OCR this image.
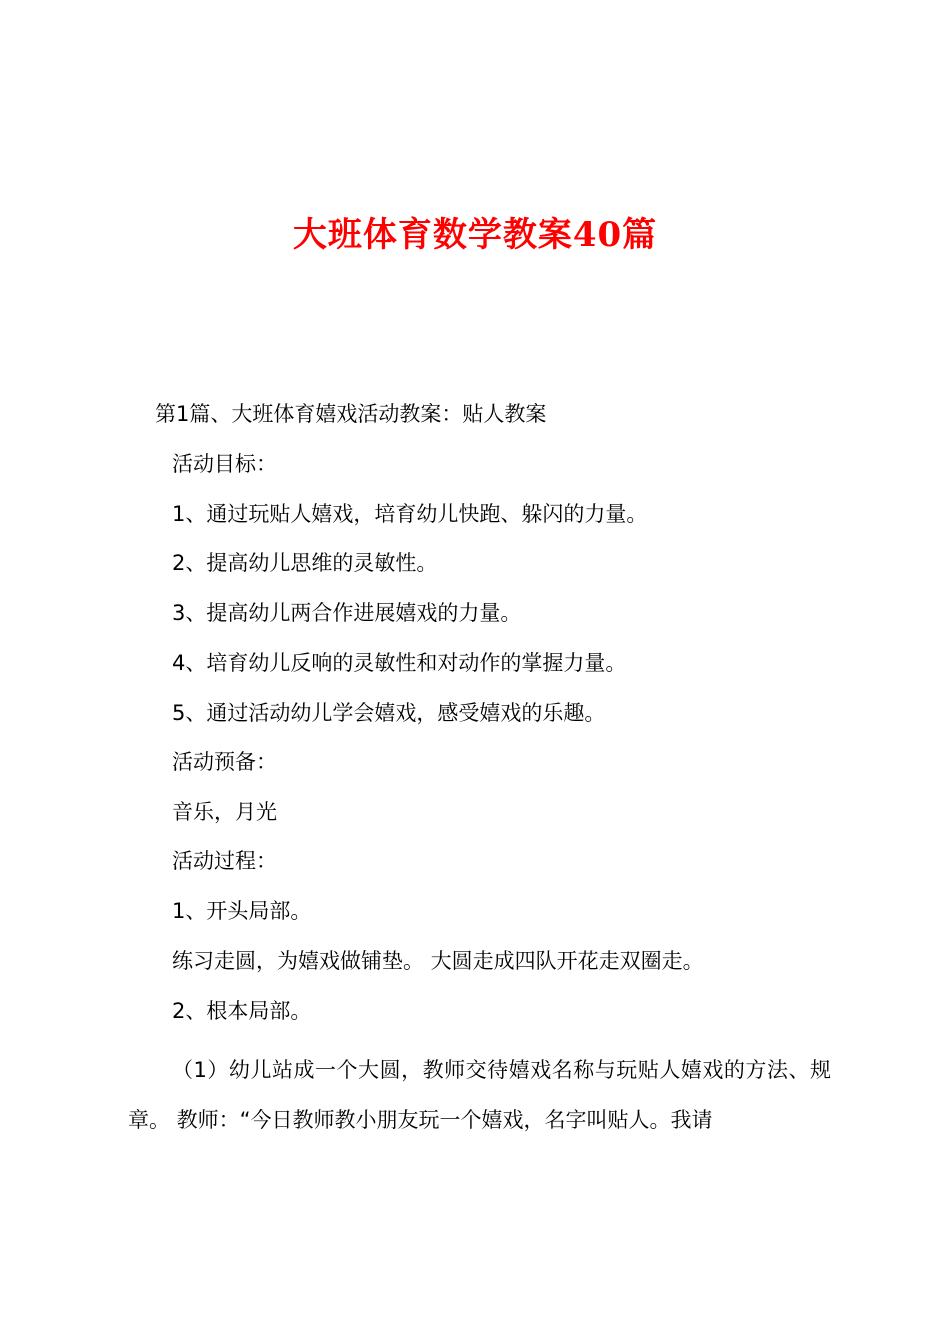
大班体育数学教案40篇
第1篇、大班体育嬉戏活动教案：贴人教案
活动目标：
1、通过玩贴人嬉戏，培育幼儿快跑、躲闪的力量。
2、提高幼儿思维的灵敏性。
3、提高幼儿两合作进展嬉戏的力量。
4、培育幼儿反响的灵敏性和对动作的掌握力量。
5、通过活动幼儿学会嬉戏，感受嬉戏的乐趣。
活动预备：
音乐，月光
活动过程：
1、开头局部。
练习走圆，为嬉戏做铺垫。 大圆走成四队开花走双圈走。
2、根本局部。
（1）幼儿站成一个大圆，教师交待嬉戏名称与玩贴人嬉戏的方法、规章。 教师：“今日教师教小朋友玩一个嬉戏，名字叫贴人。我请
